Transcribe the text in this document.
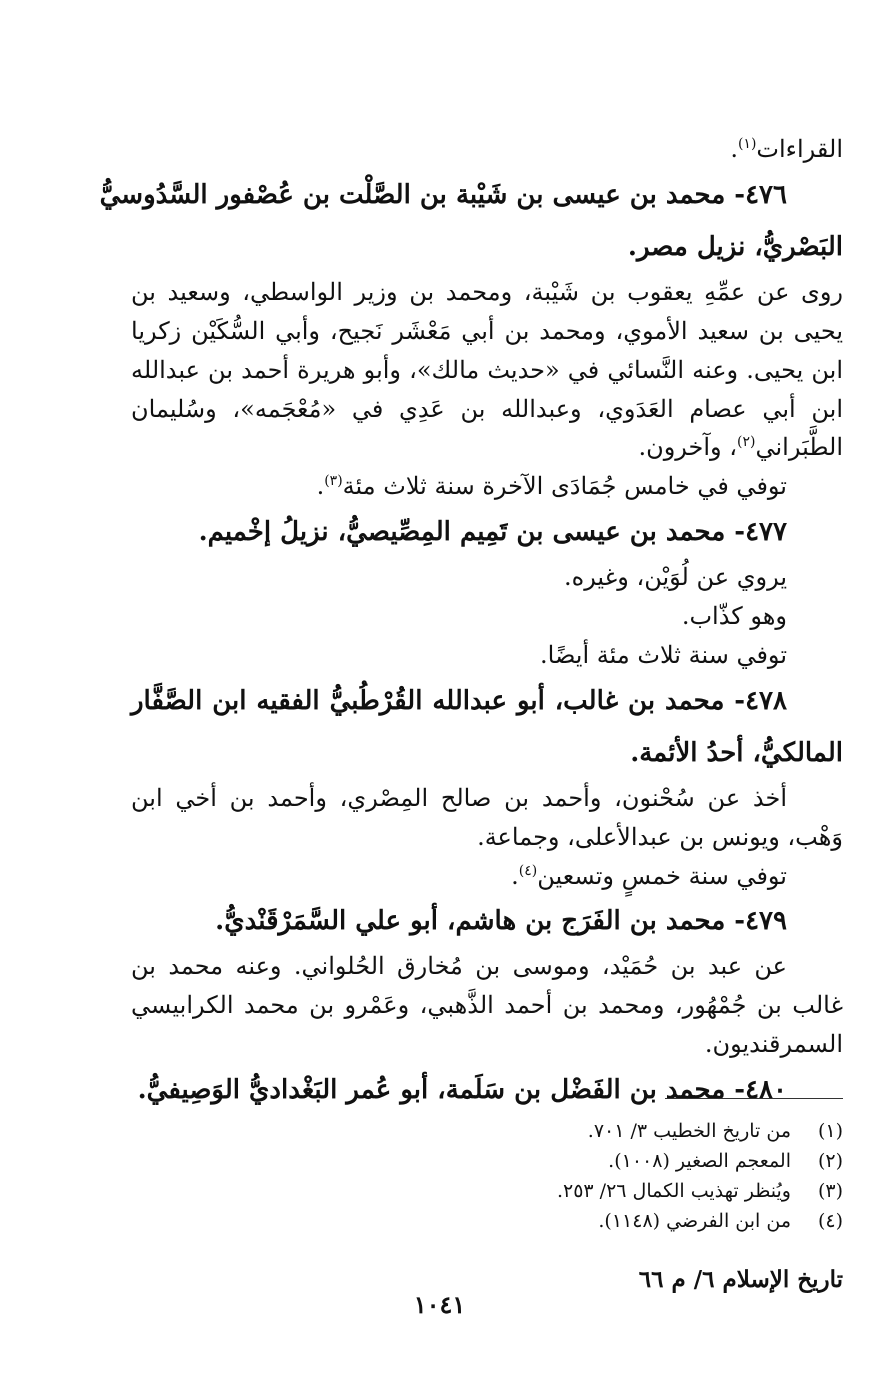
القراءات$^{(١)}$.
٤٧٦- محمد بن عيسى بن شَيْبة بن الصَّلْت بن عُصْفور السَّدُوسيُّ
البَصْريُّ، نزيل مصر.
روى عن عمِّهِ يعقوب بن شَيْبة، ومحمد بن وزير الواسطي، وسعيد بن
يحيى بن سعيد الأموي، ومحمد بن أبي مَعْشَر نَجيح، وأبي السُّكَيْن زكريا
ابن يحيى. وعنه النَّسائي في «حديث مالك»، وأبو هريرة أحمد بن عبدالله
ابن أبي عصام العَدَوي، وعبدالله بن عَدِي في «مُعْجَمه»، وسُليمان
الطَّبَراني$^{(٢)}$، وآخرون.
توفي في خامس جُمَادَى الآخرة سنة ثلاث مئة$^{(٣)}$.
٤٧٧- محمد بن عيسى بن تَمِيم المِصِّيصيُّ، نزيلُ إخْميم.
يروي عن لُوَيْن، وغيره.
وهو كذّاب.
توفي سنة ثلاث مئة أيضًا.
٤٧٨- محمد بن غالب، أبو عبدالله القُرْطُبيُّ الفقيه ابن الصَّفَّار
المالكيُّ، أحدُ الأئمة.
أخذ عن سُحْنون، وأحمد بن صالح المِصْري، وأحمد بن أخي ابن
وَهْب، ويونس بن عبدالأعلى، وجماعة.
توفي سنة خمسٍ وتسعين$^{(٤)}$.
٤٧٩- محمد بن الفَرَج بن هاشم، أبو علي السَّمَرْقَنْديُّ.
عن عبد بن حُمَيْد، وموسى بن مُخارق الحُلواني. وعنه محمد بن
غالب بن جُمْهُور، ومحمد بن أحمد الذَّهبي، وعَمْرو بن محمد الكرابيسي
السمرقنديون.
٤٨٠- محمد بن الفَضْل بن سَلَمة، أبو عُمر البَغْداديُّ الوَصِيفيُّ.
(١)من تاريخ الخطيب ٣/ ٧٠١.
(٢)المعجم الصغير (١٠٠٨).
(٣)ويُنظر تهذيب الكمال ٢٦/ ٢٥٣.
(٤)من ابن الفرضي (١١٤٨).
تاريخ الإسلام ٦/ م ٦٦
١٠٤١
